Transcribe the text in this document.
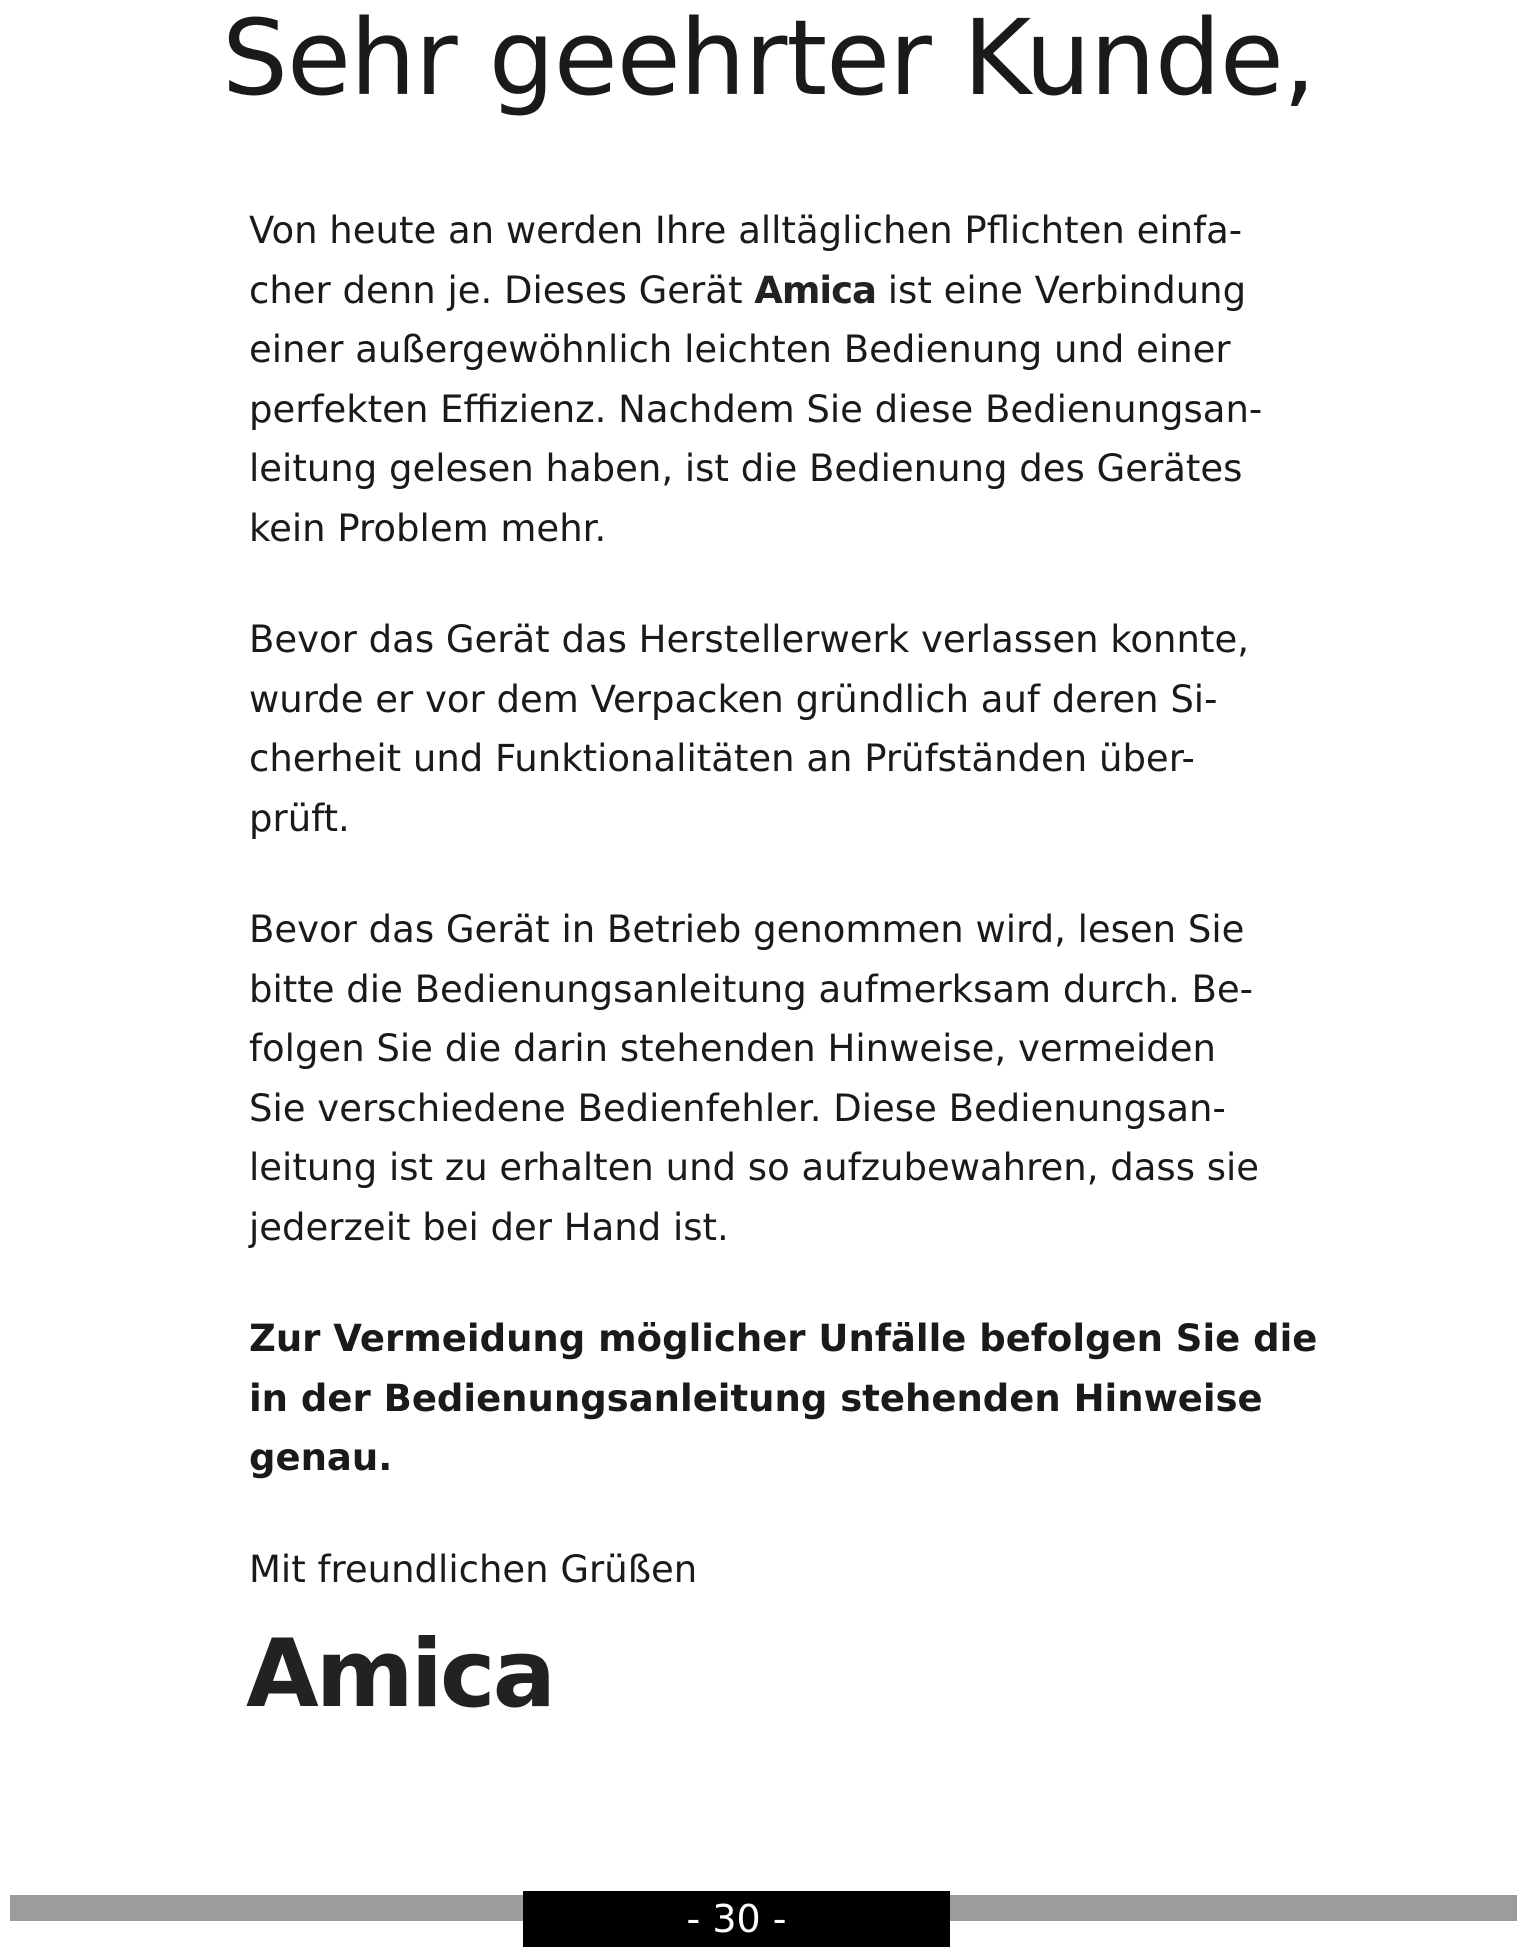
Sehr geehrter Kunde,

Von heute an werden Ihre alltäglichen Pflichten einfa-
cher denn je. Dieses Gerät Amica ist eine Verbindung
einer außergewöhnlich leichten Bedienung und einer
perfekten Effizienz. Nachdem Sie diese Bedienungsan-
leitung gelesen haben, ist die Bedienung des Gerätes
kein Problem mehr.

Bevor das Gerät das Herstellerwerk verlassen konnte,
wurde er vor dem Verpacken gründlich auf deren Si-
cherheit und Funktionalitäten an Prüfständen über-
prüft.

Bevor das Gerät in Betrieb genommen wird, lesen Sie
bitte die Bedienungsanleitung aufmerksam durch. Be-
folgen Sie die darin stehenden Hinweise, vermeiden
Sie verschiedene Bedienfehler. Diese Bedienungsan-
leitung ist zu erhalten und so aufzubewahren, dass sie
jederzeit bei der Hand ist.

Zur Vermeidung möglicher Unfälle befolgen Sie die
in der Bedienungsanleitung stehenden Hinweise
genau.

Mit freundlichen Grüßen

Amica
- 30 -
